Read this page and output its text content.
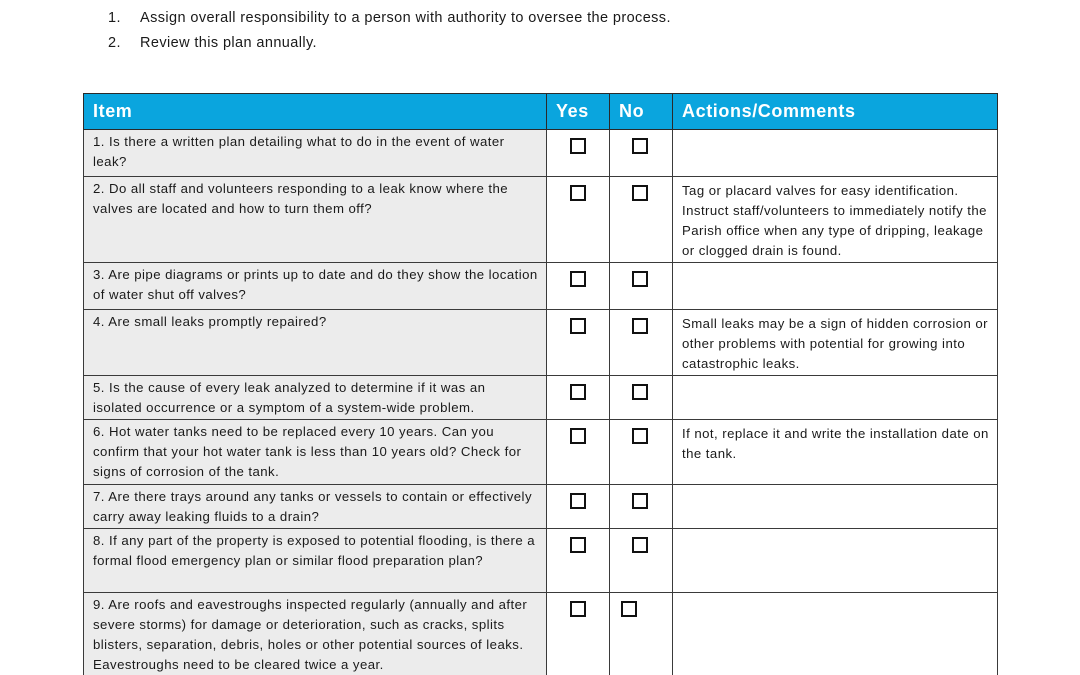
1.	Assign overall responsibility to a person with authority to oversee the process.
2.	Review this plan annually.
Item	Yes	No	Actions/Comments
1. Is there a written plan detailing what to do in the event of water leak?			
2. Do all staff and volunteers responding to a leak know where the valves are located and how to turn them off?			Tag or placard valves for easy identification. Instruct staff/volunteers to immediately notify the Parish office when any type of dripping, leakage or clogged drain is found.
3. Are pipe diagrams or prints up to date and do they show the location of water shut off valves?			
4. Are small leaks promptly repaired?			Small leaks may be a sign of hidden corrosion or other problems with potential for growing into catastrophic leaks.
5. Is the cause of every leak analyzed to determine if it was an isolated occurrence or a symptom of a system-wide problem.			
6. Hot water tanks need to be replaced every 10 years. Can you confirm that your hot water tank is less than 10 years old? Check for signs of corrosion of the tank.			If not, replace it and write the installation date on the tank.
7. Are there trays around any tanks or vessels to contain or effectively carry away leaking fluids to a drain?			
8. If any part of the property is exposed to potential flooding, is there a formal flood emergency plan or similar flood preparation plan?			
9. Are roofs and eavestroughs inspected regularly (annually and after severe storms) for damage or deterioration, such as cracks, splits blisters, separation, debris, holes or other potential sources of leaks. Eavestroughs need to be cleared twice a year.			
